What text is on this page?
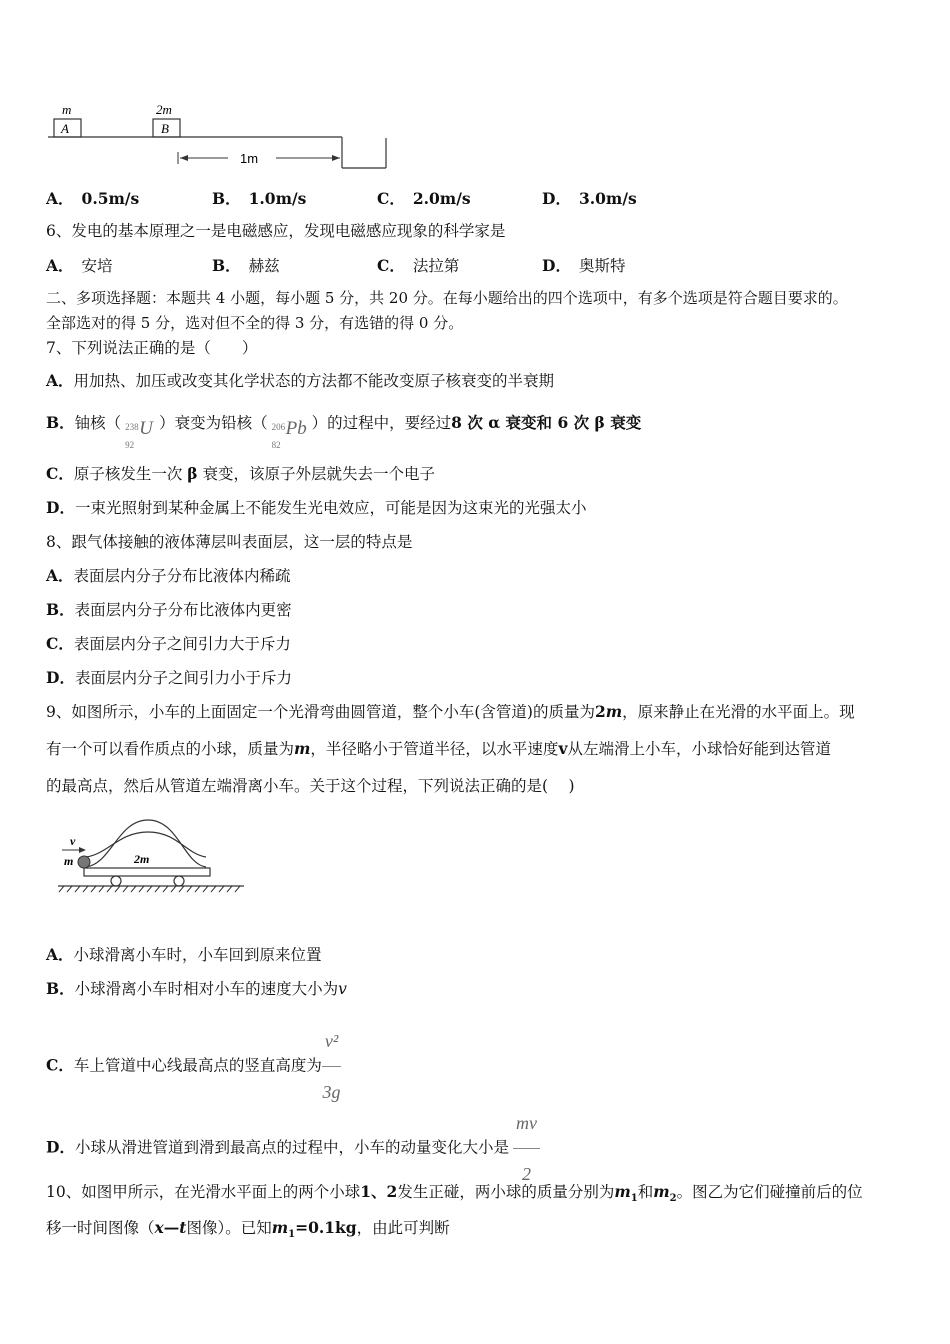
m
A
2m
B
1m
A． 0.5m/s	B． 1.0m/s	C． 2.0m/s	D． 3.0m/s
6、发电的基本原理之一是电磁感应，发现电磁感应现象的科学家是
A． 安培	B． 赫兹	C． 法拉第	D． 奥斯特
二、多项选择题：本题共 4 小题，每小题 5 分，共 20 分。在每小题给出的四个选项中，有多个选项是符合题目要求的。
全部选对的得 5 分，选对但不全的得 3 分，有选错的得 0 分。
7、下列说法正确的是（　　）
A．用加热、加压或改变其化学状态的方法都不能改变原子核衰变的半衰期
B．铀核（ 238
92
U ）衰变为铅核（ 206
82
Pb ）的过程中，要经过8 次 α 衰变和 6 次 β 衰变
C．原子核发生一次 β 衰变，该原子外层就失去一个电子
D．一束光照射到某种金属上不能发生光电效应，可能是因为这束光的光强太小
8、跟气体接触的液体薄层叫表面层，这一层的特点是
A．表面层内分子分布比液体内稀疏
B．表面层内分子分布比液体内更密
C．表面层内分子之间引力大于斥力
D．表面层内分子之间引力小于斥力
9、如图所示，小车的上面固定一个光滑弯曲圆管道，整个小车(含管道)的质量为2m，原来静止在光滑的水平面上。现
有一个可以看作质点的小球，质量为m，半径略小于管道半径，以水平速度v从左端滑上小车，小球恰好能到达管道
的最高点，然后从管道左端滑离小车。关于这个过程，下列说法正确的是(　 )
v
m	2m
A．小球滑离小车时，小车回到原来位置
B．小球滑离小车时相对小车的速度大小为v
C．车上管道中心线最高点的竖直高度为 $\frac{\text{v²}}{3g}$
D．小球从滑进管道到滑到最高点的过程中，小车的动量变化大小是 $\frac{mv}{2}$
10、如图甲所示，在光滑水平面上的两个小球1、2发生正碰，两小球的质量分别为$m_1$和$m_2$。图乙为它们碰撞前后的位
移一时间图像（x—t图像）。已知$m_1=0.1kg$，由此可判断
